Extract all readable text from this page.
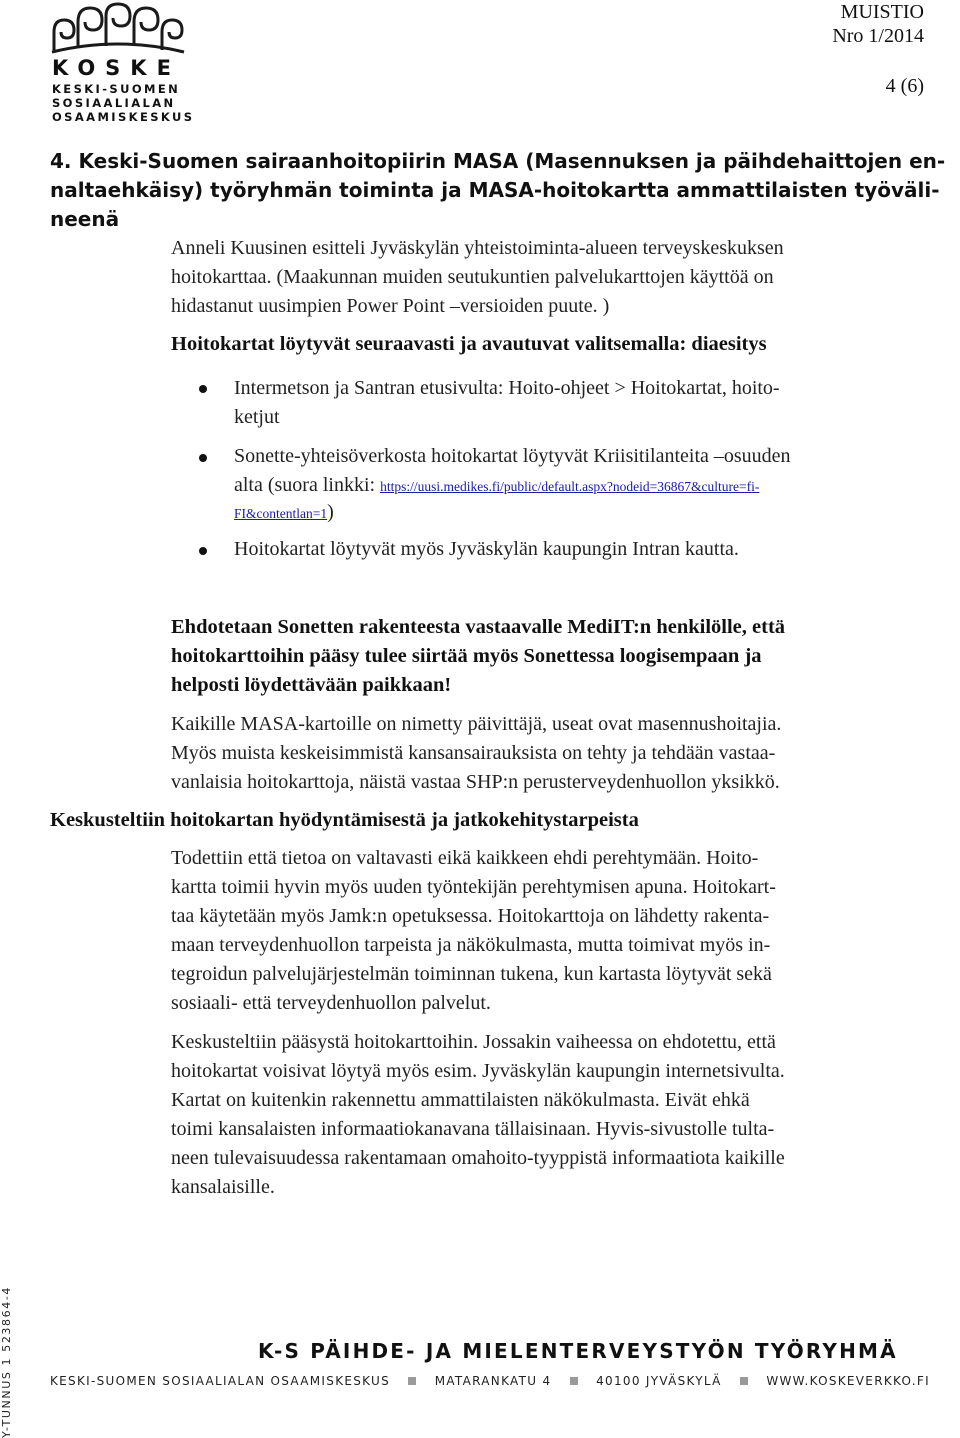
KOSKE
KESKI-SUOMEN
SOSIAALIALAN
OSAAMISKESKUS
MUISTIO
Nro 1/2014
4 (6)
4. Keski-Suomen sairaanhoitopiirin MASA (Masennuksen ja päihdehaittojen en-
naltaehkäisy) työryhmän toiminta ja MASA-hoitokartta ammattilaisten työväli-
neenä
Anneli Kuusinen esitteli Jyväskylän yhteistoiminta-alueen terveyskeskuksen
hoitokarttaa. (Maakunnan muiden seutukuntien palvelukarttojen käyttöä on
hidastanut uusimpien Power Point –versioiden puute. )
Hoitokartat löytyvät seuraavasti ja avautuvat valitsemalla: diaesitys
Intermetson ja Santran etusivulta: Hoito-ohjeet > Hoitokartat, hoito-
ketjut
Sonette-yhteisöverkosta hoitokartat löytyvät Kriisitilanteita –osuuden
alta (suora linkki: https://uusi.medikes.fi/public/default.aspx?nodeid=36867&culture=fi-
FI&contentlan=1)
Hoitokartat löytyvät myös Jyväskylän kaupungin Intran kautta.
Ehdotetaan Sonetten rakenteesta vastaavalle MediIT:n henkilölle, että
hoitokarttoihin pääsy tulee siirtää myös Sonettessa loogisempaan ja
helposti löydettävään paikkaan!
Kaikille MASA-kartoille on nimetty päivittäjä, useat ovat masennushoitajia.
Myös muista keskeisimmistä kansansairauksista on tehty ja tehdään vastaa-
vanlaisia hoitokarttoja, näistä vastaa SHP:n perusterveydenhuollon yksikkö.
Keskusteltiin hoitokartan hyödyntämisestä ja jatkokehitystarpeista
Todettiin että tietoa on valtavasti eikä kaikkeen ehdi perehtymään. Hoito-
kartta toimii hyvin myös uuden työntekijän perehtymisen apuna. Hoitokart-
taa käytetään myös Jamk:n opetuksessa. Hoitokarttoja on lähdetty rakenta-
maan terveydenhuollon tarpeista ja näkökulmasta, mutta toimivat myös in-
tegroidun palvelujärjestelmän toiminnan tukena, kun kartasta löytyvät sekä
sosiaali- että terveydenhuollon palvelut.
Keskusteltiin pääsystä hoitokarttoihin. Jossakin vaiheessa on ehdotettu, että
hoitokartat voisivat löytyä myös esim. Jyväskylän kaupungin internetsivulta.
Kartat on kuitenkin rakennettu ammattilaisten näkökulmasta. Eivät ehkä
toimi kansalaisten informaatiokanavana tällaisinaan. Hyvis-sivustolle tulta-
neen tulevaisuudessa rakentamaan omahoito-tyyppistä informaatiota kaikille
kansalaisille.
Y-TUNNUS 1 523864-4	K-S PÄIHDE- JA MIELENTERVEYSTYÖN TYÖRYHMÄ
KESKI-SUOMEN SOSIAALIALAN OSAAMISKESKUS	MATARANKATU 4	40100 JYVÄSKYLÄ	WWW.KOSKEVERKKO.FI
